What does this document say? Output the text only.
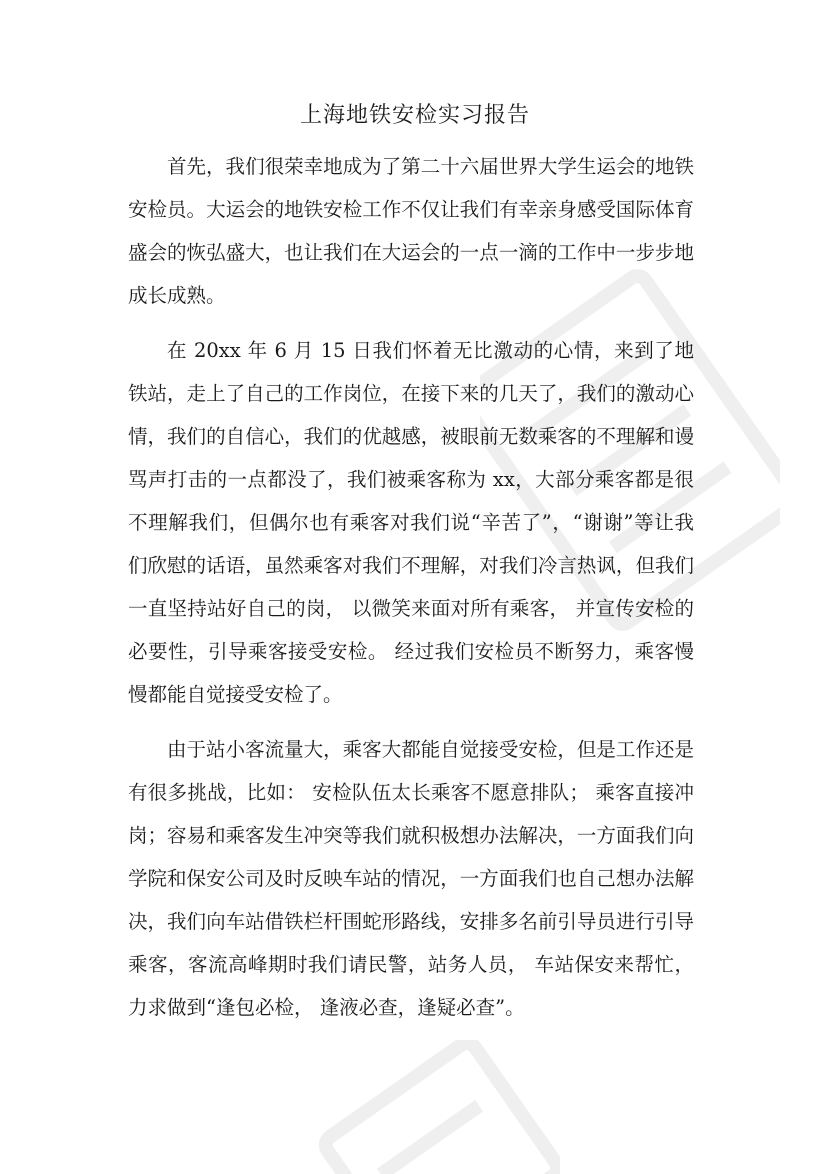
上海地铁安检实习报告

首先，我们很荣幸地成为了第二十六届世界大学生运会的地铁安检员。大运会的地铁安检工作不仅让我们有幸亲身感受国际体育盛会的恢弘盛大，也让我们在大运会的一点一滴的工作中一步步地成长成熟。

在 20xx 年 6 月 15 日我们怀着无比激动的心情，来到了地铁站，走上了自己的工作岗位，在接下来的几天了，我们的激动心情，我们的自信心，我们的优越感，被眼前无数乘客的不理解和谩骂声打击的一点都没了，我们被乘客称为 xx，大部分乘客都是很不理解我们，但偶尔也有乘客对我们说“辛苦了”，“谢谢”等让我们欣慰的话语，虽然乘客对我们不理解，对我们冷言热讽，但我们一直坚持站好自己的岗， 以微笑来面对所有乘客， 并宣传安检的必要性，引导乘客接受安检。 经过我们安检员不断努力，乘客慢慢都能自觉接受安检了。

由于站小客流量大，乘客大都能自觉接受安检，但是工作还是有很多挑战，比如： 安检队伍太长乘客不愿意排队； 乘客直接冲岗；容易和乘客发生冲突等我们就积极想办法解决，一方面我们向学院和保安公司及时反映车站的情况，一方面我们也自己想办法解决，我们向车站借铁栏杆围蛇形路线，安排多名前引导员进行引导乘客，客流高峰期时我们请民警，站务人员， 车站保安来帮忙，力求做到“逢包必检， 逢液必查，逢疑必查”。
